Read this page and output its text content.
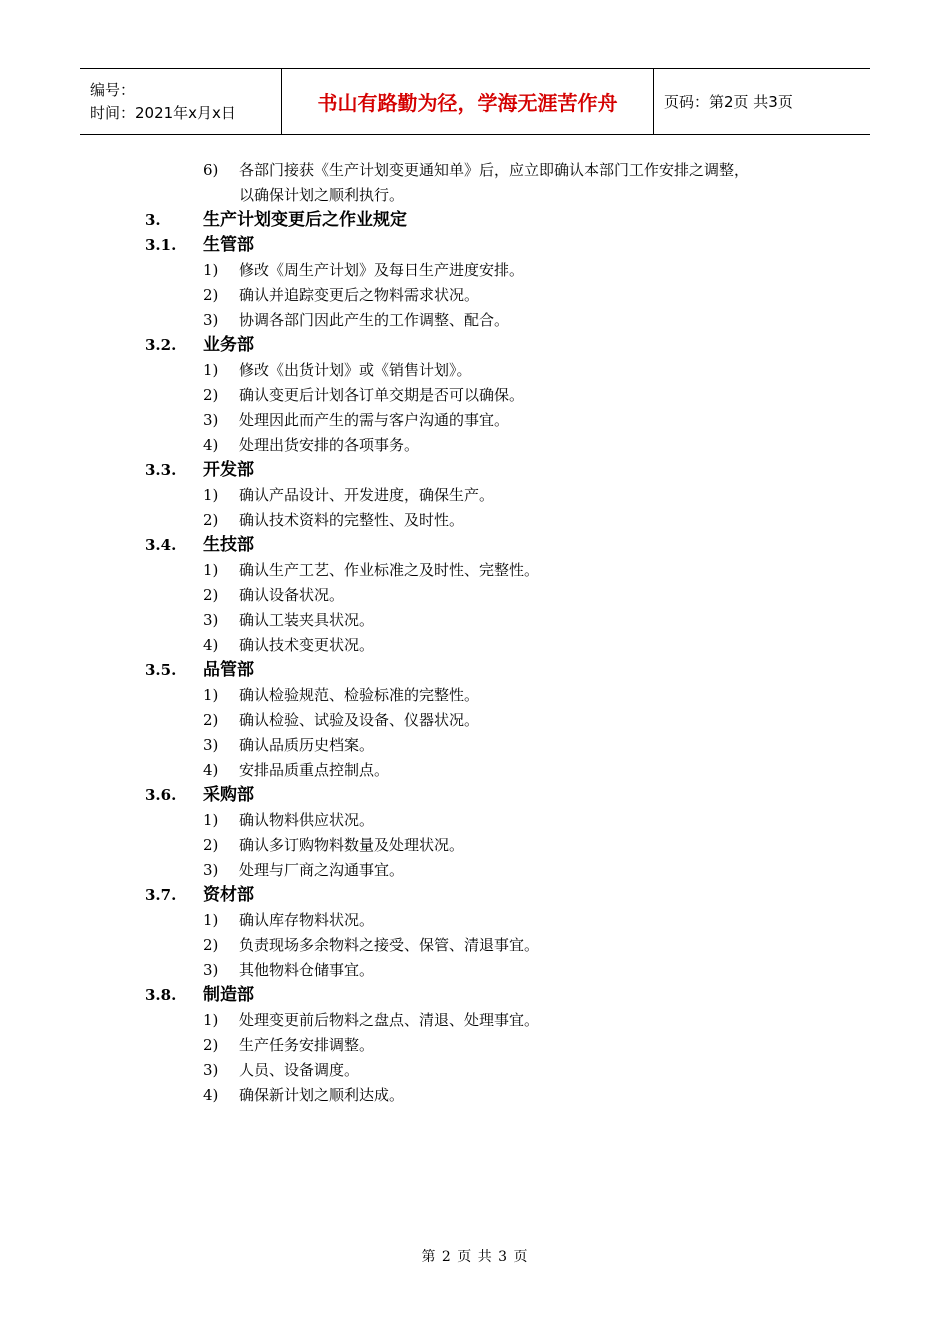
编号：
时间：2021年x月x日	书山有路勤为径，学海无涯苦作舟	页码：第2页 共3页
6) 各部门接获《生产计划变更通知单》后，应立即确认本部门工作安排之调整，
以确保计划之顺利执行。
3. 生产计划变更后之作业规定
3.1. 生管部
1) 修改《周生产计划》及每日生产进度安排。
2) 确认并追踪变更后之物料需求状况。
3) 协调各部门因此产生的工作调整、配合。
3.2. 业务部
1) 修改《出货计划》或《销售计划》。
2) 确认变更后计划各订单交期是否可以确保。
3) 处理因此而产生的需与客户沟通的事宜。
4) 处理出货安排的各项事务。
3.3. 开发部
1) 确认产品设计、开发进度，确保生产。
2) 确认技术资料的完整性、及时性。
3.4. 生技部
1) 确认生产工艺、作业标准之及时性、完整性。
2) 确认设备状况。
3) 确认工装夹具状况。
4) 确认技术变更状况。
3.5. 品管部
1) 确认检验规范、检验标准的完整性。
2) 确认检验、试验及设备、仪器状况。
3) 确认品质历史档案。
4) 安排品质重点控制点。
3.6. 采购部
1) 确认物料供应状况。
2) 确认多订购物料数量及处理状况。
3) 处理与厂商之沟通事宜。
3.7. 资材部
1) 确认库存物料状况。
2) 负责现场多余物料之接受、保管、清退事宜。
3) 其他物料仓储事宜。
3.8. 制造部
1) 处理变更前后物料之盘点、清退、处理事宜。
2) 生产任务安排调整。
3) 人员、设备调度。
4) 确保新计划之顺利达成。
第 2 页 共 3 页
